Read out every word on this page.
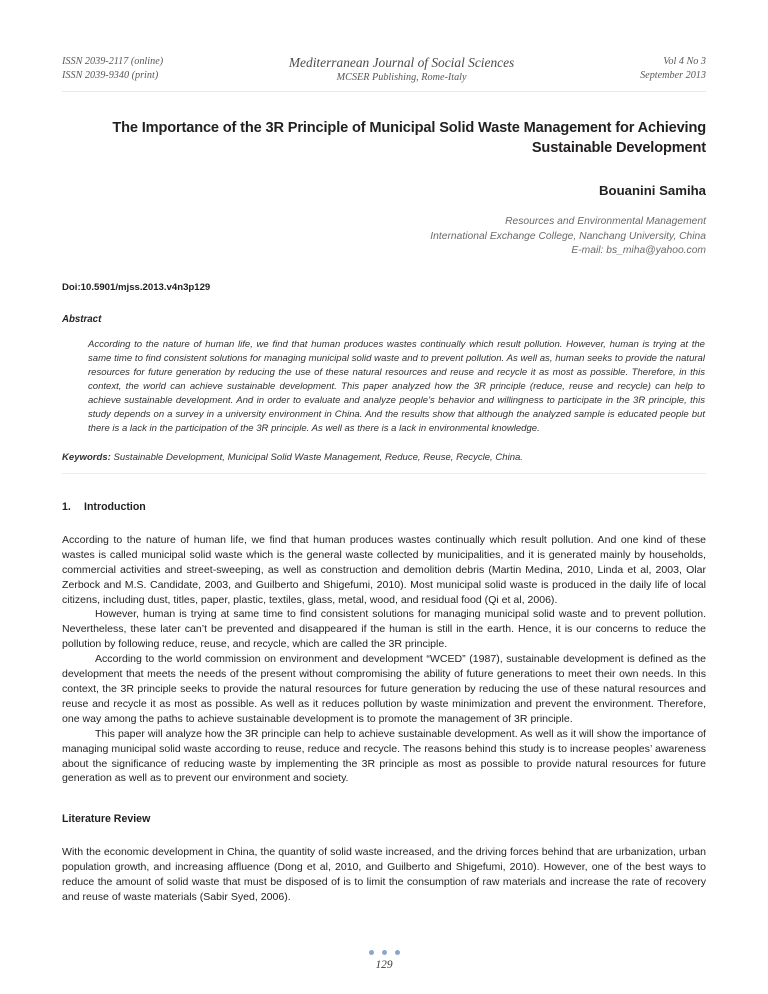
ISSN 2039-2117 (online)
ISSN 2039-9340 (print)
Mediterranean Journal of Social Sciences
MCSER Publishing, Rome-Italy
Vol 4 No 3
September 2013
The Importance of the 3R Principle of Municipal Solid Waste Management for Achieving Sustainable Development
Bouanini Samiha
Resources and Environmental Management
International Exchange College, Nanchang University, China
E-mail: bs_miha@yahoo.com
Doi:10.5901/mjss.2013.v4n3p129
Abstract
According to the nature of human life, we find that human produces wastes continually which result pollution. However, human is trying at the same time to find consistent solutions for managing municipal solid waste and to prevent pollution. As well as, human seeks to provide the natural resources for future generation by reducing the use of these natural resources and reuse and recycle it as most as possible. Therefore, in this context, the world can achieve sustainable development. This paper analyzed how the 3R principle (reduce, reuse and recycle) can help to achieve sustainable development. And in order to evaluate and analyze people’s behavior and willingness to participate in the 3R principle, this study depends on a survey in a university environment in China. And the results show that although the analyzed sample is educated people but there is a lack in the participation of the 3R principle. As well as there is a lack in environmental knowledge.
Keywords: Sustainable Development, Municipal Solid Waste Management, Reduce, Reuse, Recycle, China.
1. Introduction

According to the nature of human life, we find that human produces wastes continually which result pollution. And one kind of these wastes is called municipal solid waste which is the general waste collected by municipalities, and it is generated mainly by households, commercial activities and street-sweeping, as well as construction and demolition debris (Martin Medina, 2010, Linda et al, 2003, Olar Zerbock and M.S. Candidate, 2003, and Guilberto and Shigefumi, 2010). Most municipal solid waste is produced in the daily life of local citizens, including dust, titles, paper, plastic, textiles, glass, metal, wood, and residual food (Qi et al, 2006).

However, human is trying at same time to find consistent solutions for managing municipal solid waste and to prevent pollution. Nevertheless, these later can’t be prevented and disappeared if the human is still in the earth. Hence, it is our concerns to reduce the pollution by following reduce, reuse, and recycle, which are called the 3R principle.

According to the world commission on environment and development “WCED” (1987), sustainable development is defined as the development that meets the needs of the present without compromising the ability of future generations to meet their own needs. In this context, the 3R principle seeks to provide the natural resources for future generation by reducing the use of these natural resources and reuse and recycle it as most as possible. As well as it reduces pollution by waste minimization and prevent the environment. Therefore, one way among the paths to achieve sustainable development is to promote the management of 3R principle.

This paper will analyze how the 3R principle can help to achieve sustainable development. As well as it will show the importance of managing municipal solid waste according to reuse, reduce and recycle. The reasons behind this study is to increase peoples’ awareness about the significance of reducing waste by implementing the 3R principle as most as possible to provide natural resources for future generation as well as to prevent our environment and society.

Literature Review

With the economic development in China, the quantity of solid waste increased, and the driving forces behind that are urbanization, urban population growth, and increasing affluence (Dong et al, 2010, and Guilberto and Shigefumi, 2010). However, one of the best ways to reduce the amount of solid waste that must be disposed of is to limit the consumption of raw materials and increase the rate of recovery and reuse of waste materials (Sabir Syed, 2006).

129
